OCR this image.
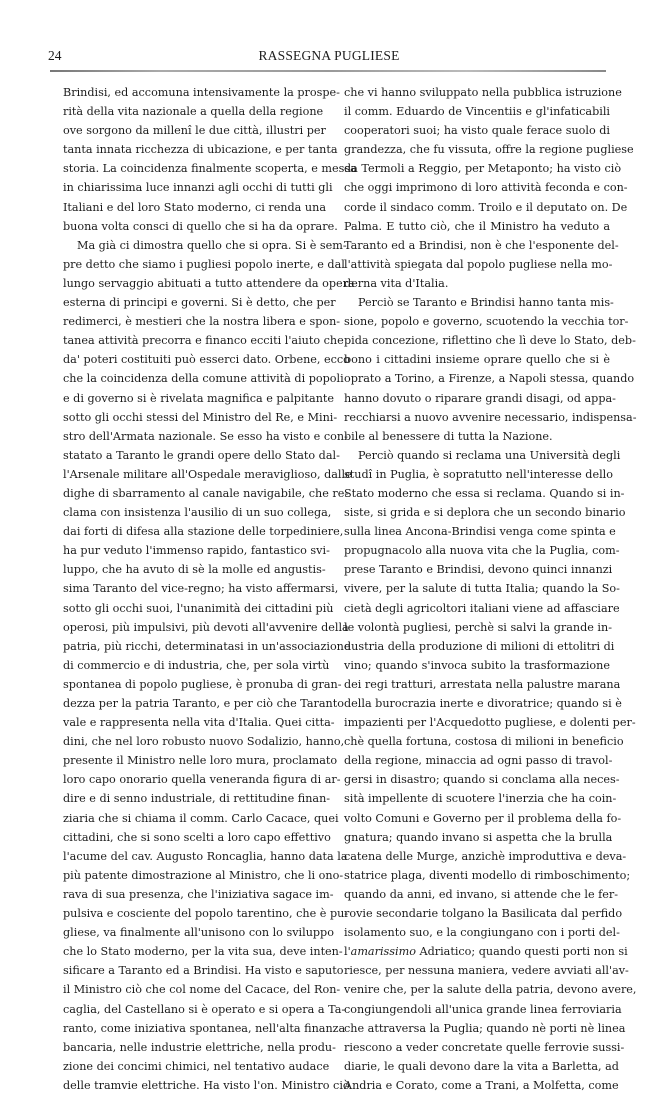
24	RASSEGNA PUGLIESE
Brindisi, ed accomuna intensivamente la prospe-
rità della vita nazionale a quella della regione
ove sorgono da millenî le due città, illustri per
tanta innata ricchezza di ubicazione, e per tanta
storia. La coincidenza finalmente scoperta, e messa
in chiarissima luce innanzi agli occhi di tutti gli
Italiani e del loro Stato moderno, ci renda una
buona volta consci di quello che si ha da oprare.
Ma già ci dimostra quello che si opra. Si è sem-
pre detto che siamo i pugliesi popolo inerte, e dal
lungo servaggio abituati a tutto attendere da opera
esterna di principi e governi. Si è detto, che per
redimerci, è mestieri che la nostra libera e spon-
tanea attività precorra e financo ecciti l'aiuto che
da' poteri costituiti può esserci dato. Orbene, ecco
che la coincidenza della comune attività di popoli
e di governo si è rivelata magnifica e palpitante
sotto gli occhi stessi del Ministro del Re, e Mini-
stro dell'Armata nazionale. Se esso ha visto e con-
statato a Taranto le grandi opere dello Stato dal-
l'Arsenale militare all'Ospedale meraviglioso, dalle
dighe di sbarramento al canale navigabile, che re-
clama con insistenza l'ausilio di un suo collega,
dai forti di difesa alla stazione delle torpediniere,
ha pur veduto l'immenso rapido, fantastico svi-
luppo, che ha avuto di sè la molle ed angustis-
sima Taranto del vice-regno; ha visto affermarsi,
sotto gli occhi suoi, l'unanimità dei cittadini più
operosi, più impulsivi, più devoti all'avvenire della
patria, più ricchi, determinatasi in un'associazione
di commercio e di industria, che, per sola virtù
spontanea di popolo pugliese, è pronuba di gran-
dezza per la patria Taranto, e per ciò che Taranto
vale e rappresenta nella vita d'Italia. Quei citta-
dini, che nel loro robusto nuovo Sodalizio, hanno,
presente il Ministro nelle loro mura, proclamato
loro capo onorario quella veneranda figura di ar-
dire e di senno industriale, di rettitudine finan-
ziaria che si chiama il comm. Carlo Cacace, quei
cittadini, che si sono scelti a loro capo effettivo
l'acume del cav. Augusto Roncaglia, hanno data la
più patente dimostrazione al Ministro, che li ono-
rava di sua presenza, che l'iniziativa sagace im-
pulsiva e cosciente del popolo tarentino, che è pu-
gliese, va finalmente all'unisono con lo sviluppo
che lo Stato moderno, per la vita sua, deve inten-
sificare a Taranto ed a Brindisi. Ha visto e saputo
il Ministro ciò che col nome del Cacace, del Ron-
caglia, del Castellano si è operato e si opera a Ta-
ranto, come iniziativa spontanea, nell'alta finanza
bancaria, nelle industrie elettriche, nella produ-
zione dei concimi chimici, nel tentativo audace
delle tramvie elettriche. Ha visto l'on. Ministro ciò
che vi hanno sviluppato nella pubblica istruzione
il comm. Eduardo de Vincentiis e gl'infaticabili
cooperatori suoi; ha visto quale ferace suolo di
grandezza, che fu vissuta, offre la regione pugliese
da Termoli a Reggio, per Metaponto; ha visto ciò
che oggi imprimono di loro attività feconda e con-
corde il sindaco comm. Troilo e il deputato on. De
Palma. E tutto ciò, che il Ministro ha veduto a
Taranto ed a Brindisi, non è che l'esponente del-
l'attività spiegata dal popolo pugliese nella mo-
derna vita d'Italia.
Perciò se Taranto e Brindisi hanno tanta mis-
sione, popolo e governo, scuotendo la vecchia tor-
pida concezione, riflettino che lì deve lo Stato, deb-
bono i cittadini insieme oprare quello che si è
oprato a Torino, a Firenze, a Napoli stessa, quando
hanno dovuto o riparare grandi disagi, od appa-
recchiarsi a nuovo avvenire necessario, indispensa-
bile al benessere di tutta la Nazione.
Perciò quando si reclama una Università degli
studî in Puglia, è sopratutto nell'interesse dello
Stato moderno che essa si reclama. Quando si in-
siste, si grida e si deplora che un secondo binario
sulla linea Ancona-Brindisi venga come spinta e
propugnacolo alla nuova vita che la Puglia, com-
prese Taranto e Brindisi, devono quinci innanzi
vivere, per la salute di tutta Italia; quando la So-
cietà degli agricoltori italiani viene ad affasciare
le volontà pugliesi, perchè si salvi la grande in-
dustria della produzione di milioni di ettolitri di
vino; quando s'invoca subito la trasformazione
dei regi tratturi, arrestata nella palustre marana
della burocrazia inerte e divoratrice; quando si è
impazienti per l'Acquedotto pugliese, e dolenti per-
chè quella fortuna, costosa di milioni in beneficio
della regione, minaccia ad ogni passo di travol-
gersi in disastro; quando si conclama alla neces-
sità impellente di scuotere l'inerzia che ha coin-
volto Comuni e Governo per il problema della fo-
gnatura; quando invano si aspetta che la brulla
catena delle Murge, anzichè improduttiva e deva-
statrice plaga, diventi modello di rimboschimento;
quando da anni, ed invano, si attende che le fer-
rovie secondarie tolgano la Basilicata dal perfido
isolamento suo, e la congiungano con i porti del-
l'amarissimo Adriatico; quando questi porti non si
riesce, per nessuna maniera, vedere avviati all'av-
venire che, per la salute della patria, devono avere,
congiungendoli all'unica grande linea ferroviaria
che attraversa la Puglia; quando nè porti nè linea
riescono a veder concretate quelle ferrovie sussi-
diarie, le quali devono dare la vita a Barletta, ad
Andria e Corato, come a Trani, a Molfetta, come
